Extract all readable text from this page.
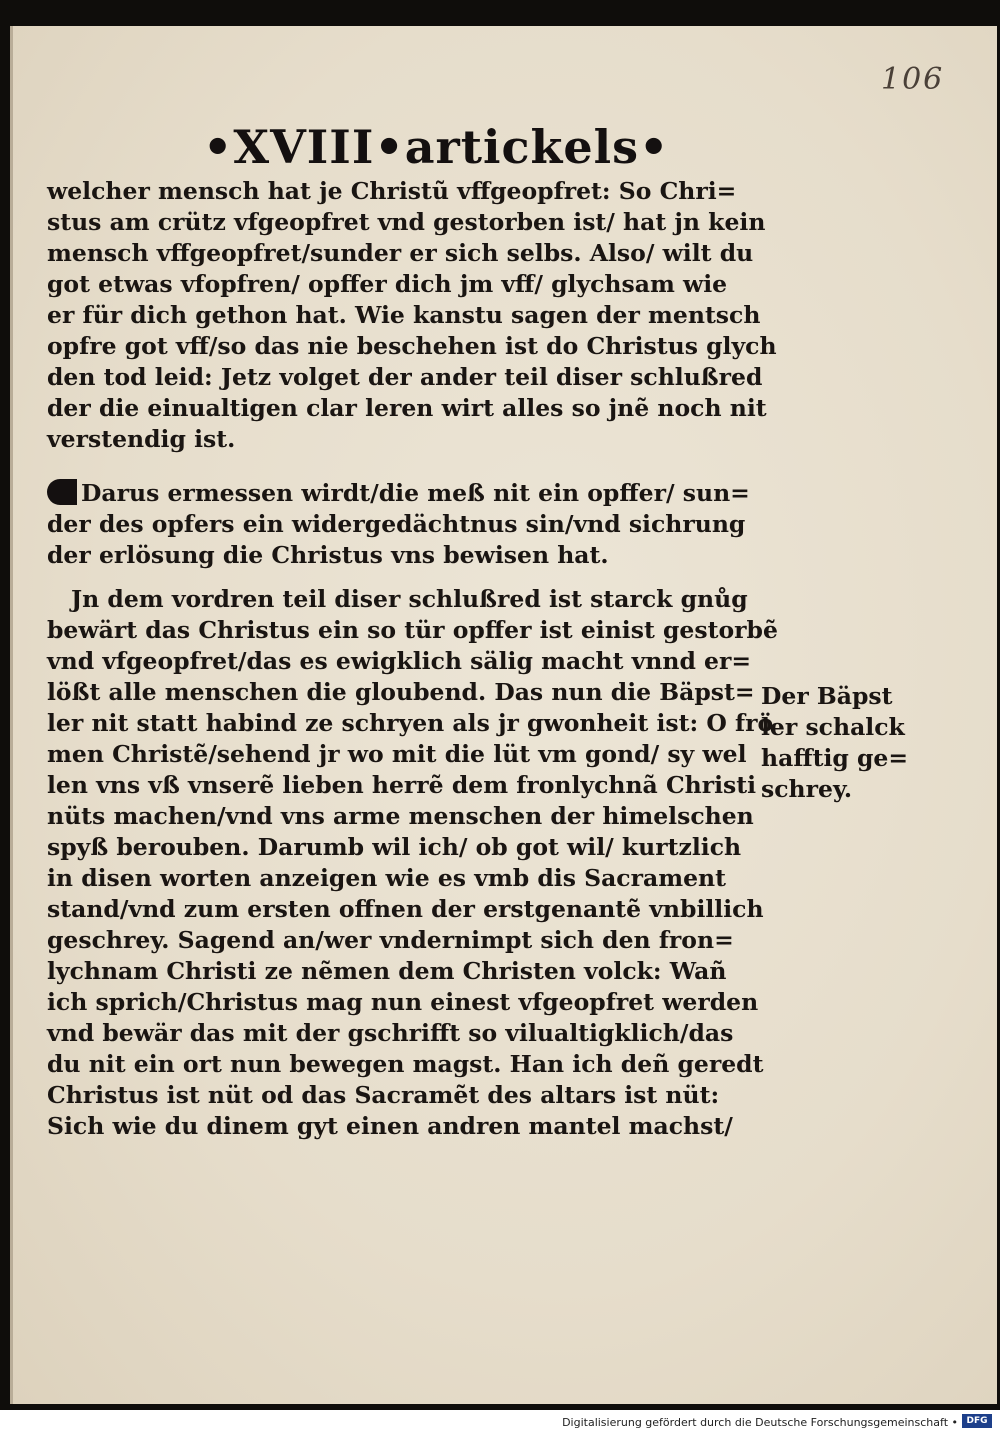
106
•XVIII•artickels•
welcher mensch hat je Christũ vffgeopfret: So Chri=
stus am crütz vfgeopfret vnd gestorben ist/ hat jn kein
mensch vffgeopfret/sunder er sich selbs. Also/ wilt du
got etwas vfopfren/ opffer dich jm vff/ glychsam wie
er für dich gethon hat. Wie kanstu sagen der mentsch
opfre got vff/so das nie beschehen ist do Christus glych
den tod leid: Jetz volget der ander teil diser schlußred
der die einualtigen clar leren wirt alles so jnẽ noch nit
verstendig ist.
Darus ermessen wirdt/die meß nit ein opffer/ sun=
der des opfers ein widergedächtnus sin/vnd sichrung
der erlösung die Christus vns bewisen hat.
Jn dem vordren teil diser schlußred ist starck gnůg
bewärt das Christus ein so tür opffer ist einist gestorbẽ
vnd vfgeopfret/das es ewigklich sälig macht vnnd er=
lößt alle menschen die gloubend. Das nun die Bäpst=
ler nit statt habind ze schryen als jr gwonheit ist: O frö
men Christẽ/sehend jr wo mit die lüt vm gond/ sy wel
len vns vß vnserẽ lieben herrẽ dem fronlychnã Christi
nüts machen/vnd vns arme menschen der himelschen
spyß berouben. Darumb wil ich/ ob got wil/ kurtzlich
in disen worten anzeigen wie es vmb dis Sacrament
stand/vnd zum ersten offnen der erstgenantẽ vnbillich
geschrey. Sagend an/wer vndernimpt sich den fron=
lychnam Christi ze nẽmen dem Christen volck: Wañ
ich sprich/Christus mag nun einest vfgeopfret werden
vnd bewär das mit der gschrifft so vilualtigklich/das
du nit ein ort nun bewegen magst. Han ich deñ geredt
Christus ist nüt od das Sacramẽt des altars ist nüt:
Sich wie du dinem gyt einen andren mantel machst/
Der Bäpst
ler schalck
hafftig ge=
schrey.
Digitalisierung gefördert durch die Deutsche Forschungsgemeinschaft • DFG
